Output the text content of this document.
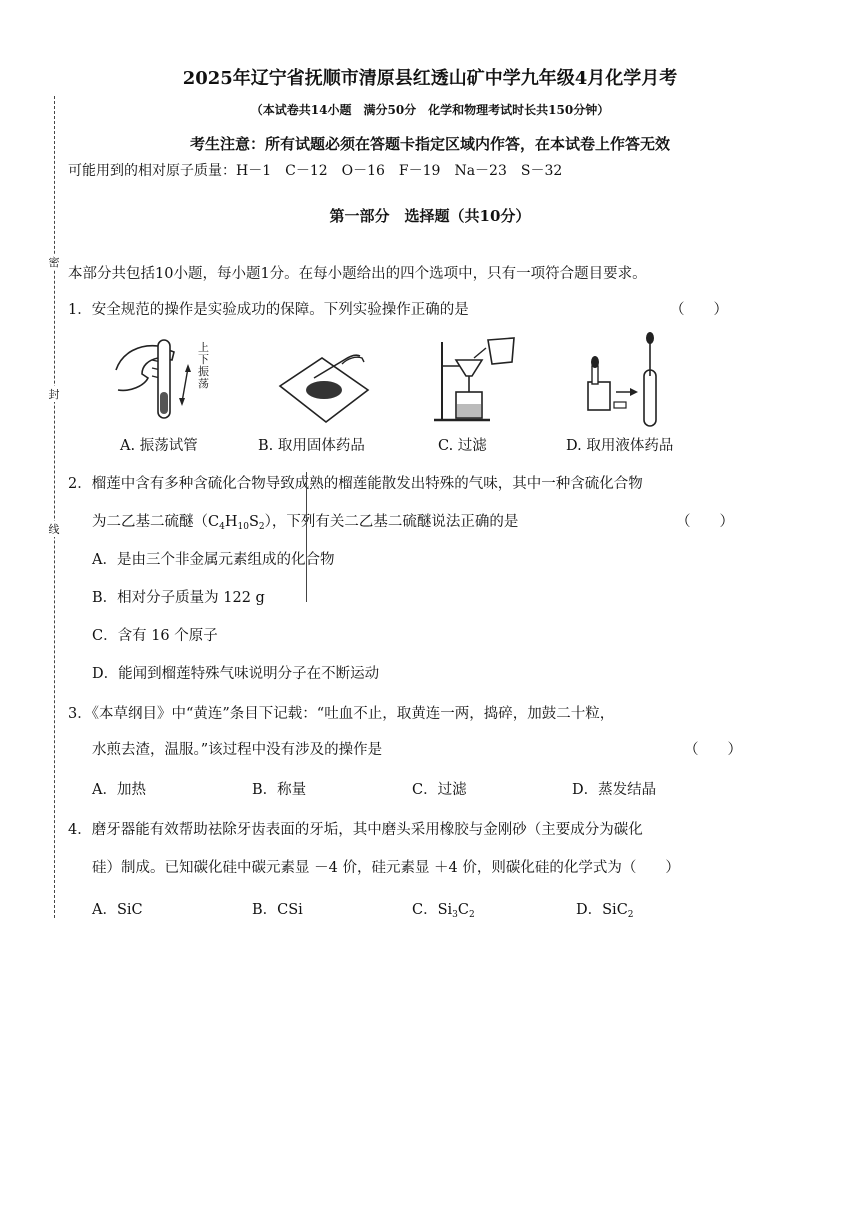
2025年辽宁省抚顺市清原县红透山矿中学九年级4月化学月考
（本试卷共14小题　满分50分　化学和物理考试时长共150分钟）
考生注意：所有试题必须在答题卡指定区域内作答，在本试卷上作答无效
可能用到的相对原子质量：H－1　C－12　O－16　F－19　Na－23　S－32
密
封
线
第一部分　选择题（共10分）
本部分共包括10小题，每小题1分。在每小题给出的四个选项中，只有一项符合题目要求。
1．安全规范的操作是实验成功的保障。下列实验操作正确的是	（　　）
上下振荡
A. 振荡试管	B. 取用固体药品	C. 过滤	D. 取用液体药品
2．榴莲中含有多种含硫化合物导致成熟的榴莲能散发出特殊的气味，其中一种含硫化合物
为二乙基二硫醚$(C_4H_{10}S_2)$，下列有关二乙基二硫醚说法正确的是	（　　）
A．是由三个非金属元素组成的化合物
B．相对分子质量为 122 g
C．含有 16 个原子
D．能闻到榴莲特殊气味说明分子在不断运动
3．《本草纲目》中“黄连”条目下记载：“吐血不止，取黄连一两，捣碎，加鼓二十粒，
水煎去渣，温服。”该过程中没有涉及的操作是	（　　）
A．加热	B．称量	C．过滤	D．蒸发结晶
4．磨牙器能有效帮助祛除牙齿表面的牙垢，其中磨头采用橡胶与金刚砂（主要成分为碳化
硅）制成。已知碳化硅中碳元素显 －4 价，硅元素显 ＋4 价，则碳化硅的化学式为（　　）
A．SiC	B．CSi	C．$Si_3C_2$	D．SiC$_2$
